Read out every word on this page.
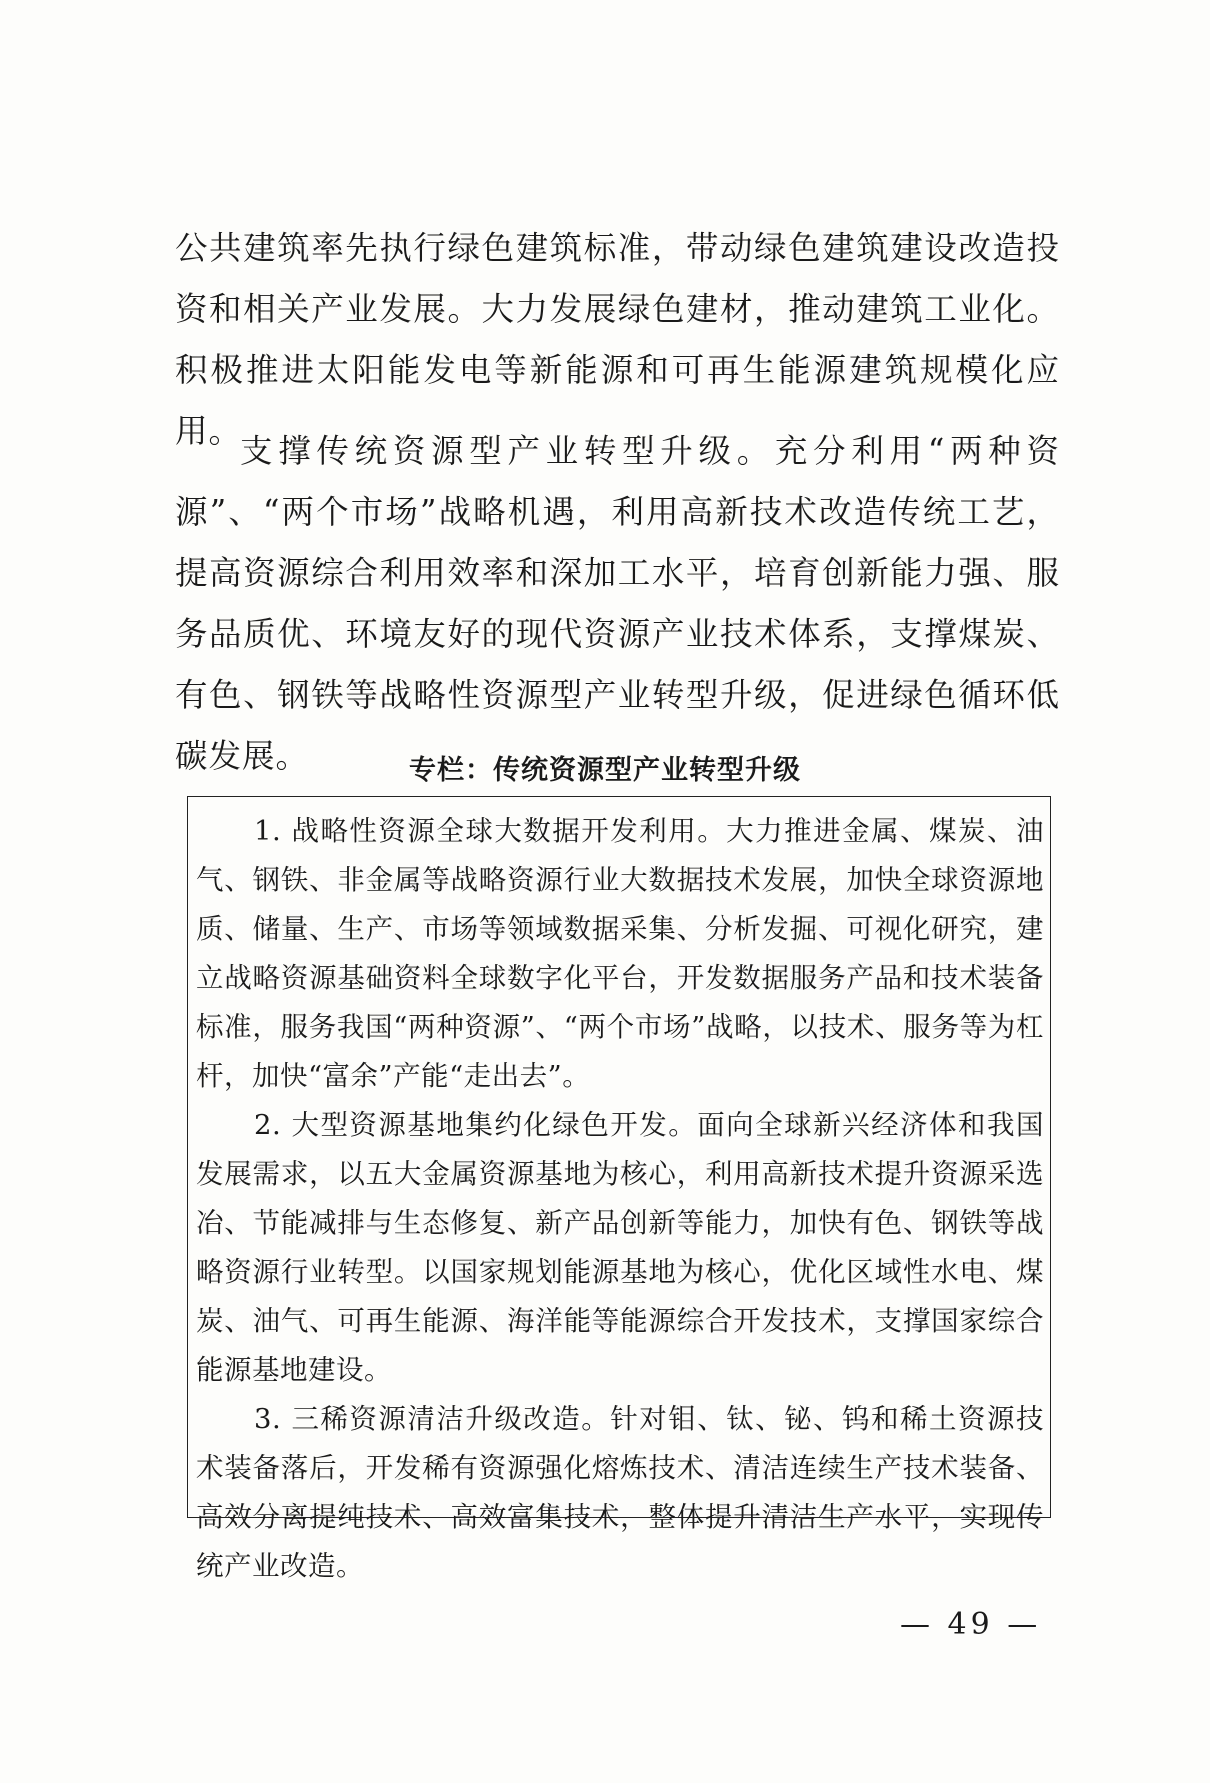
公共建筑率先执行绿色建筑标准，带动绿色建筑建设改造投资和相关产业发展。大力发展绿色建材，推动建筑工业化。积极推进太阳能发电等新能源和可再生能源建筑规模化应用。

支撑传统资源型产业转型升级。充分利用“两种资源”、“两个市场”战略机遇，利用高新技术改造传统工艺，提高资源综合利用效率和深加工水平，培育创新能力强、服务品质优、环境友好的现代资源产业技术体系，支撑煤炭、有色、钢铁等战略性资源型产业转型升级，促进绿色循环低碳发展。	专栏：传统资源型产业转型升级

1. 战略性资源全球大数据开发利用。大力推进金属、煤炭、油气、钢铁、非金属等战略资源行业大数据技术发展，加快全球资源地质、储量、生产、市场等领域数据采集、分析发掘、可视化研究，建立战略资源基础资料全球数字化平台，开发数据服务产品和技术装备标准，服务我国“两种资源”、“两个市场”战略，以技术、服务等为杠杆，加快“富余”产能“走出去”。

2. 大型资源基地集约化绿色开发。面向全球新兴经济体和我国发展需求，以五大金属资源基地为核心，利用高新技术提升资源采选冶、节能减排与生态修复、新产品创新等能力，加快有色、钢铁等战略资源行业转型。以国家规划能源基地为核心，优化区域性水电、煤炭、油气、可再生能源、海洋能等能源综合开发技术，支撑国家综合能源基地建设。

3. 三稀资源清洁升级改造。针对钼、钛、铋、钨和稀土资源技术装备落后，开发稀有资源强化熔炼技术、清洁连续生产技术装备、高效分离提纯技术、高效富集技术，整体提升清洁生产水平，实现传统产业改造。

— 49 —
